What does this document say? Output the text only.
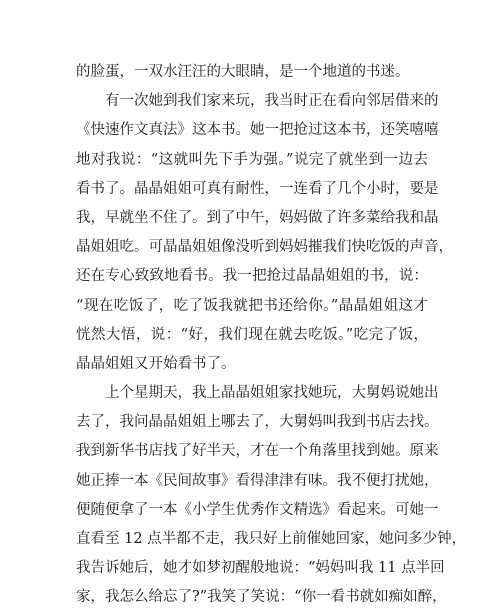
的脸蛋，一双水汪汪的大眼睛，是一个地道的书迷。
有一次她到我们家来玩，我当时正在看向邻居借来的
《快速作文真法》这本书。她一把抢过这本书，还笑嘻嘻
地对我说：“这就叫先下手为强。”说完了就坐到一边去
看书了。晶晶姐姐可真有耐性，一连看了几个小时，要是
我，早就坐不住了。到了中午，妈妈做了许多菜给我和晶
晶姐姐吃。可晶晶姐姐像没听到妈妈摧我们快吃饭的声音，
还在专心致致地看书。我一把抢过晶晶姐姐的书，说：
“现在吃饭了，吃了饭我就把书还给你。”晶晶姐姐这才
恍然大悟，说：“好，我们现在就去吃饭。”吃完了饭，
晶晶姐姐又开始看书了。
上个星期天，我上晶晶姐姐家找她玩，大舅妈说她出
去了，我问晶晶姐姐上哪去了，大舅妈叫我到书店去找。
我到新华书店找了好半天，才在一个角落里找到她。原来
她正捧一本《民间故事》看得津津有味。我不便打扰她，
便随便拿了一本《小学生优秀作文精选》看起来。可她一
直看至 12 点半都不走，我只好上前催她回家，她问多少钟，
我告诉她后，她才如梦初醒般地说：“妈妈叫我 11 点半回
家，我怎么给忘了?”我笑了笑说：“你一看书就如痴如醉，
